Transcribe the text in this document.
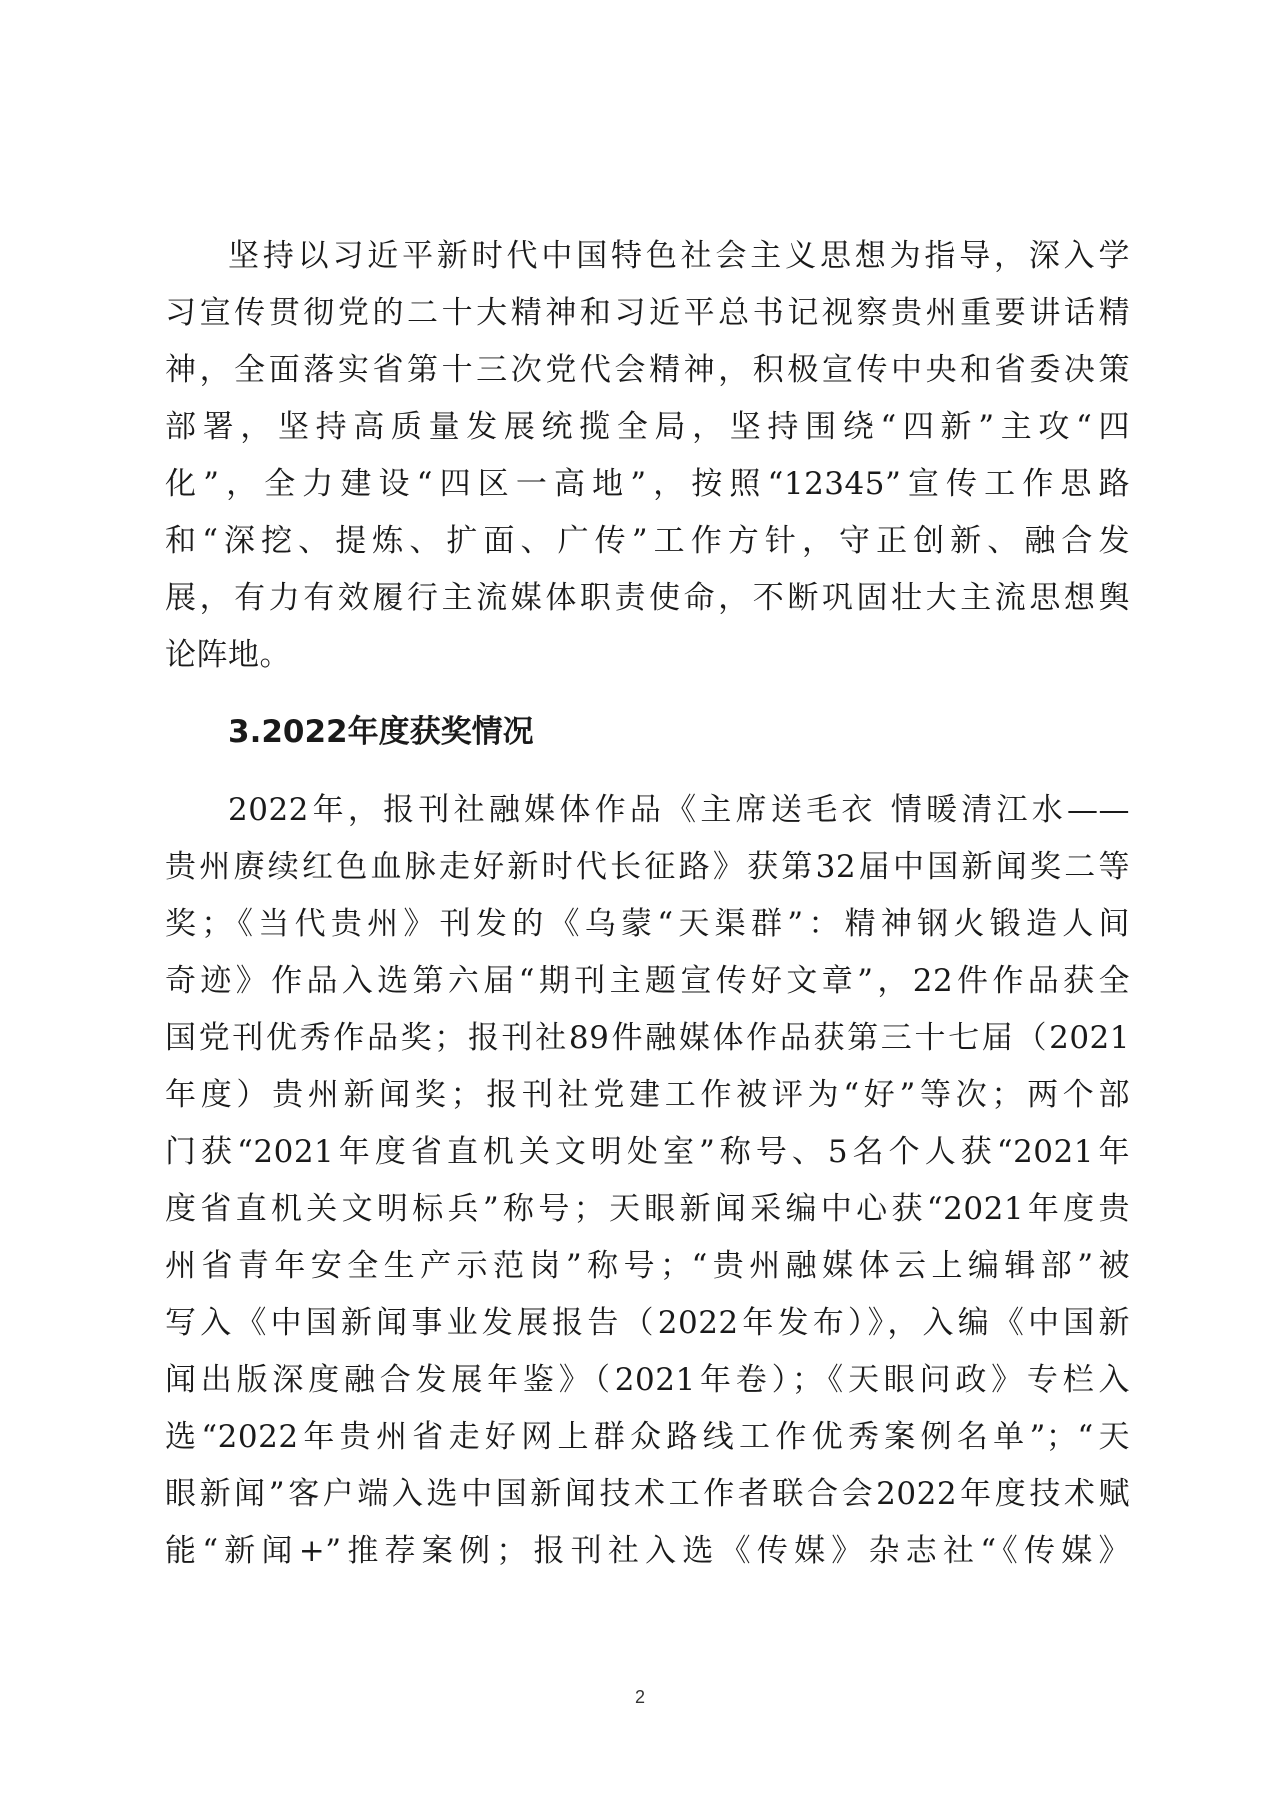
坚持以习近平新时代中国特色社会主义思想为指导，深入学
习宣传贯彻党的二十大精神和习近平总书记视察贵州重要讲话精
神，全面落实省第十三次党代会精神，积极宣传中央和省委决策
部署，坚持高质量发展统揽全局，坚持围绕“四新”主攻“四
化”，全力建设“四区一高地”，按照“12345”宣传工作思路
和“深挖、提炼、扩面、广传”工作方针，守正创新、融合发
展，有力有效履行主流媒体职责使命，不断巩固壮大主流思想舆
论阵地。
3.2022年度获奖情况
2022年，报刊社融媒体作品《主席送毛衣 情暖清江水——
贵州赓续红色血脉走好新时代长征路》获第32届中国新闻奖二等
奖；《当代贵州》刊发的《乌蒙“天渠群”：精神钢火锻造人间
奇迹》作品入选第六届“期刊主题宣传好文章”，22件作品获全
国党刊优秀作品奖；报刊社89件融媒体作品获第三十七届（2021
年度）贵州新闻奖；报刊社党建工作被评为“好”等次；两个部
门获“2021年度省直机关文明处室”称号、5名个人获“2021年
度省直机关文明标兵”称号；天眼新闻采编中心获“2021年度贵
州省青年安全生产示范岗”称号；“贵州融媒体云上编辑部”被
写入《中国新闻事业发展报告（2022年发布）》，入编《中国新
闻出版深度融合发展年鉴》（2021年卷）；《天眼问政》专栏入
选“2022年贵州省走好网上群众路线工作优秀案例名单”；“天
眼新闻”客户端入选中国新闻技术工作者联合会2022年度技术赋
能“新闻+”推荐案例；报刊社入选《传媒》杂志社“《传媒》
2
